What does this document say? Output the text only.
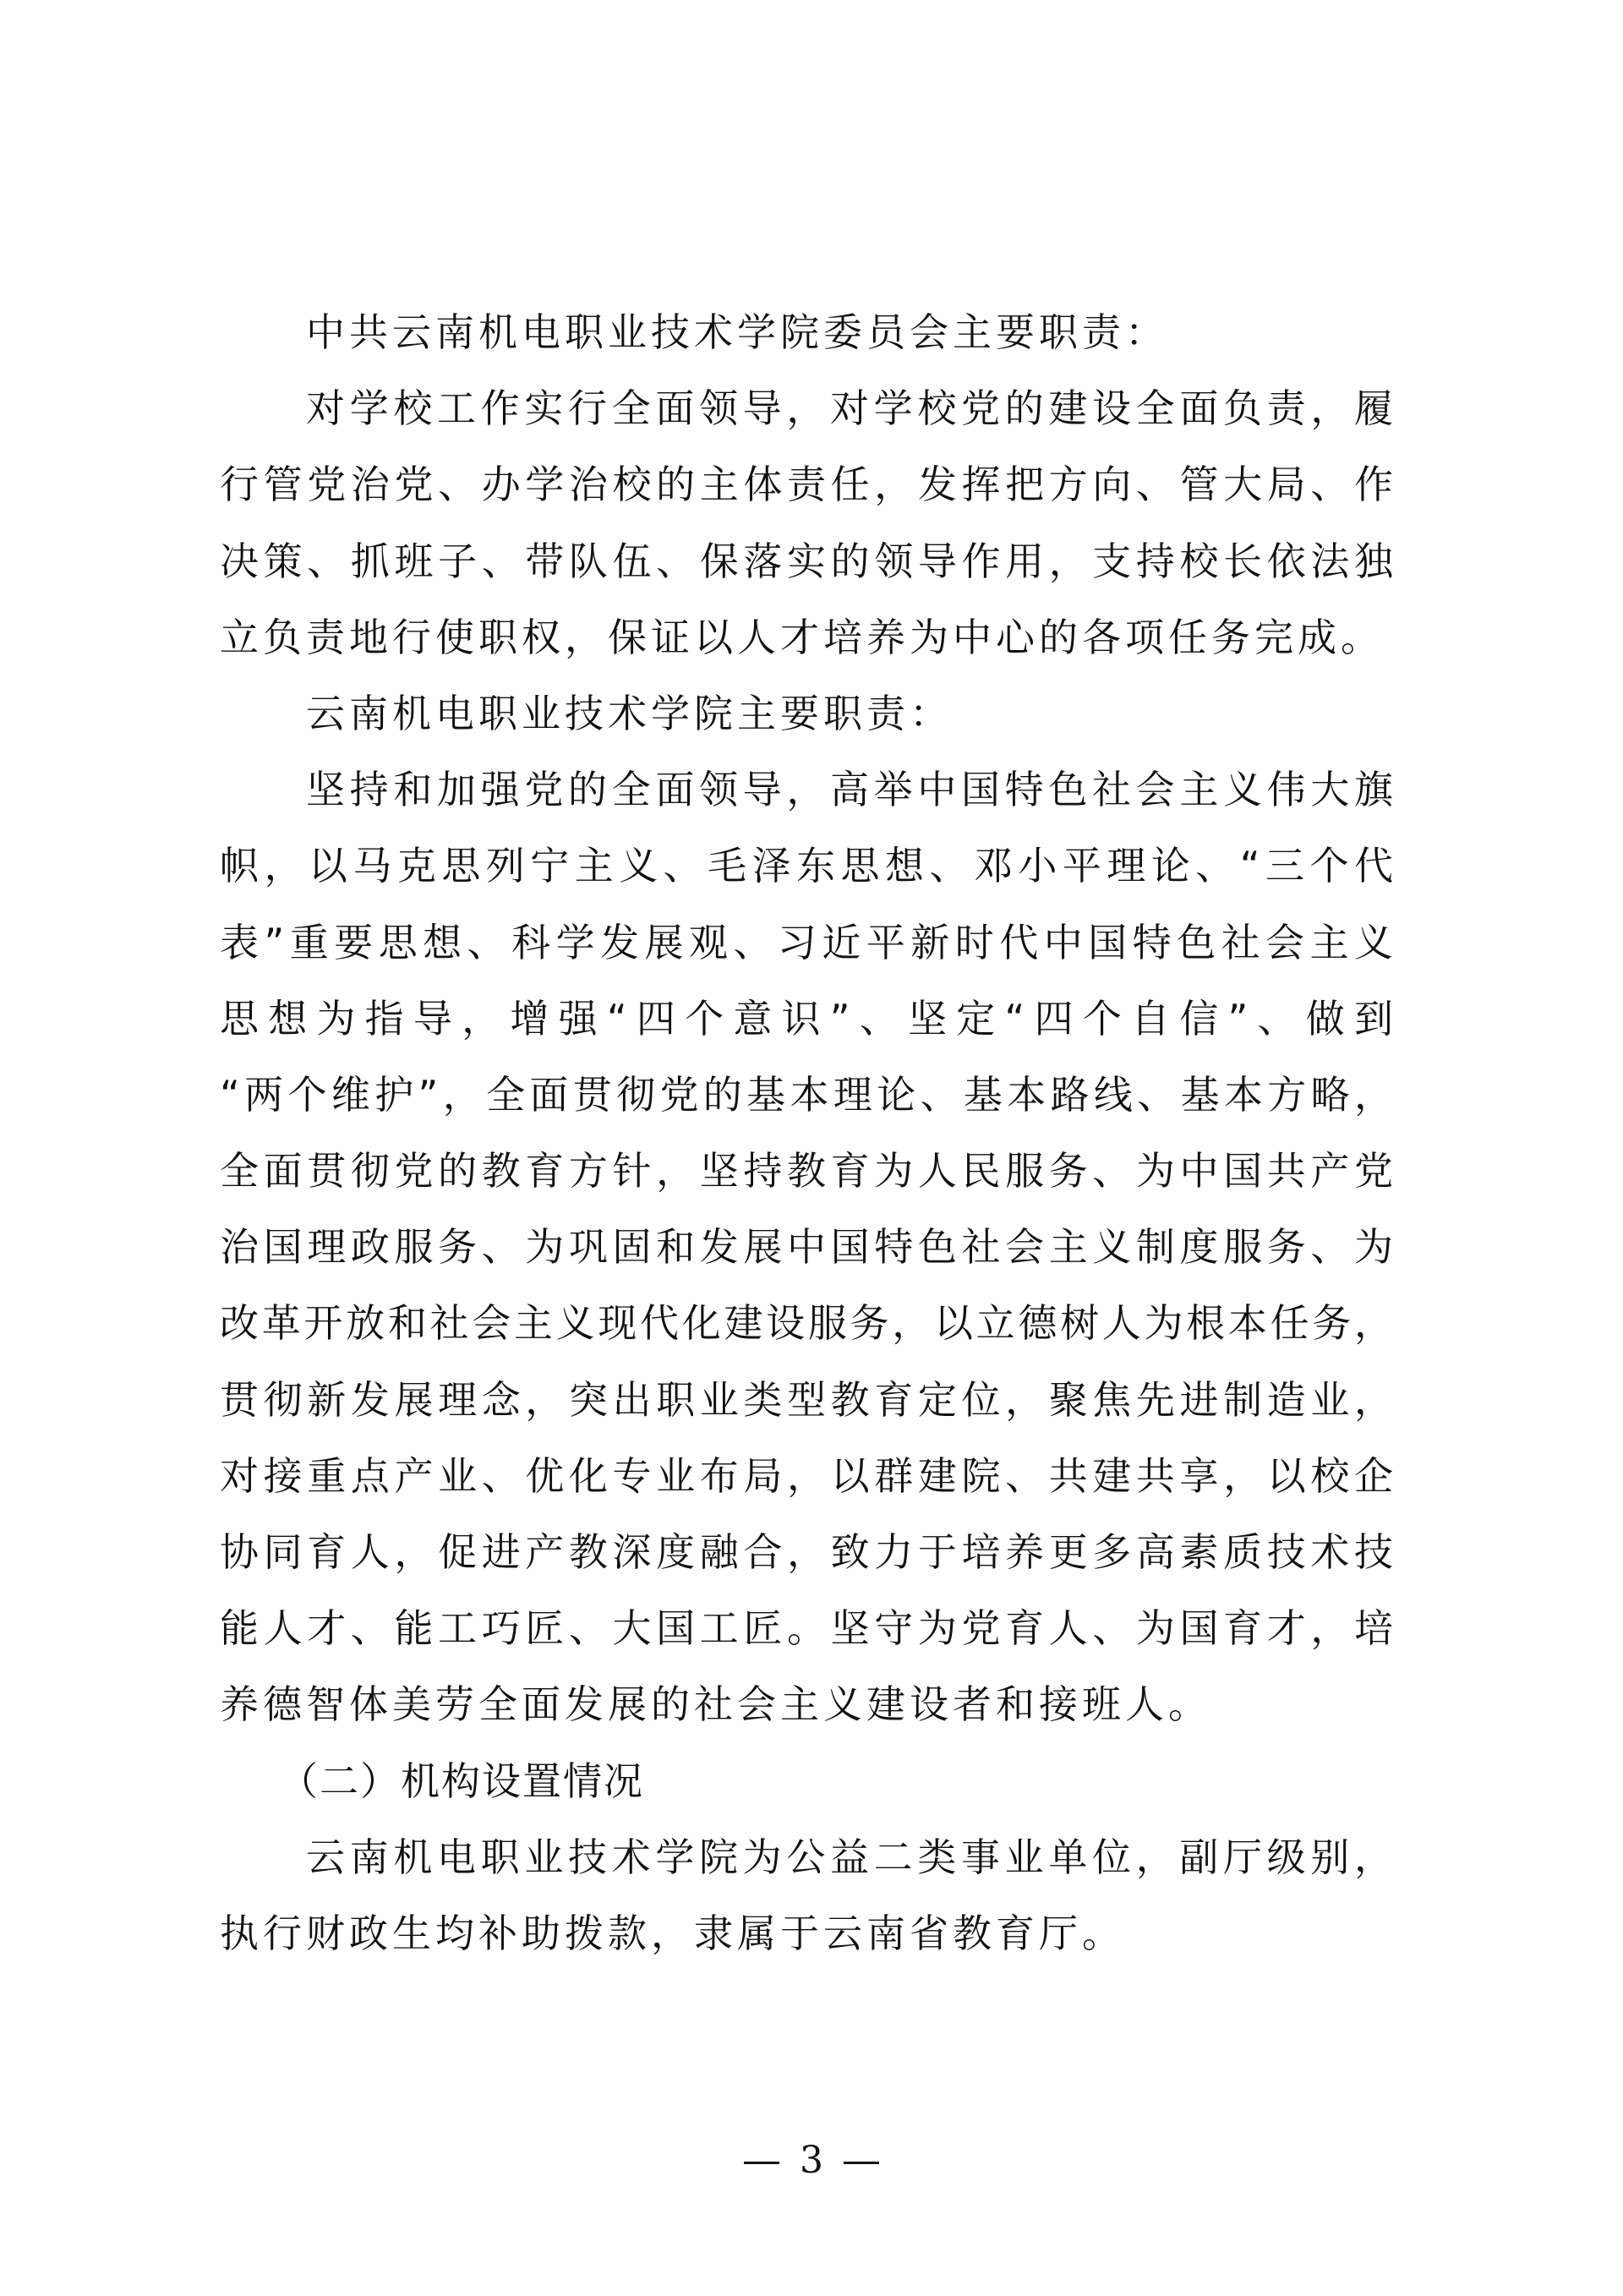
中共云南机电职业技术学院委员会主要职责：
对学校工作实行全面领导，对学校党的建设全面负责，履
行管党治党、办学治校的主体责任，发挥把方向、管大局、作
决策、抓班子、带队伍、保落实的领导作用，支持校长依法独
立负责地行使职权，保证以人才培养为中心的各项任务完成。
云南机电职业技术学院主要职责：
坚持和加强党的全面领导，高举中国特色社会主义伟大旗
帜，以马克思列宁主义、毛泽东思想、邓小平理论、“三个代
表”重要思想、科学发展观、习近平新时代中国特色社会主义
思想为指导，增强“四个意识”、坚定“四个自信”、做到
“两个维护”，全面贯彻党的基本理论、基本路线、基本方略，
全面贯彻党的教育方针，坚持教育为人民服务、为中国共产党
治国理政服务、为巩固和发展中国特色社会主义制度服务、为
改革开放和社会主义现代化建设服务，以立德树人为根本任务，
贯彻新发展理念，突出职业类型教育定位，聚焦先进制造业，
对接重点产业、优化专业布局，以群建院、共建共享，以校企
协同育人，促进产教深度融合，致力于培养更多高素质技术技
能人才、能工巧匠、大国工匠。坚守为党育人、为国育才，培
养德智体美劳全面发展的社会主义建设者和接班人。
（二）机构设置情况
云南机电职业技术学院为公益二类事业单位，副厅级别，
执行财政生均补助拨款，隶属于云南省教育厅。
3
